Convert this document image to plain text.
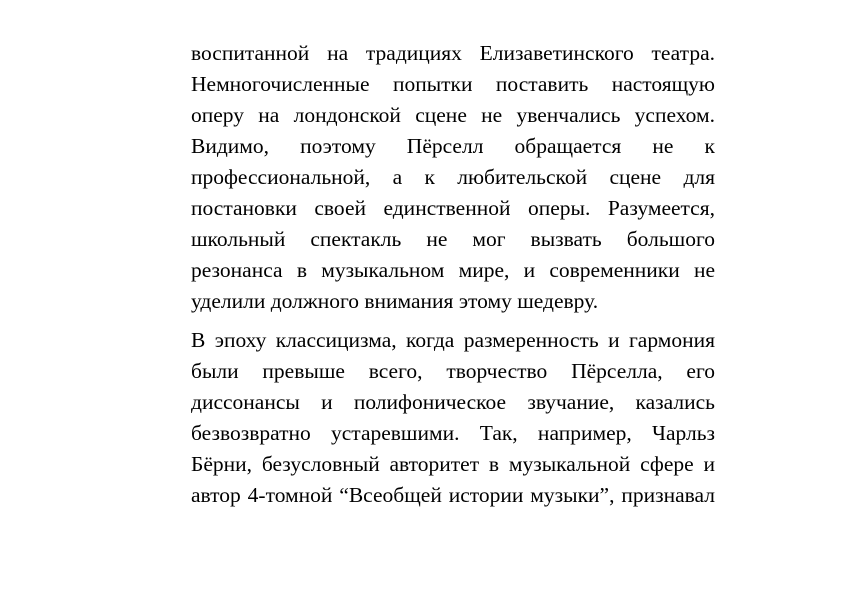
воспитанной на традициях Елизаветинского театра.
Немногочисленные попытки поставить настоящую
оперу на лондонской сцене не увенчались успехом.
Видимо, поэтому Пёрселл обращается не к
профессиональной, а к любительской сцене для
постановки своей единственной оперы. Разумеется,
школьный спектакль не мог вызвать большого
резонанса в музыкальном мире, и современники не
уделили должного внимания этому шедевру.
В эпоху классицизма, когда размеренность и гармония
были превыше всего, творчество Пёрселла, его
диссонансы и полифоническое звучание, казались
безвозвратно устаревшими. Так, например, Чарльз
Бёрни, безусловный авторитет в музыкальной сфере и
автор 4-томной “Всеобщей истории музыки”, признавал
